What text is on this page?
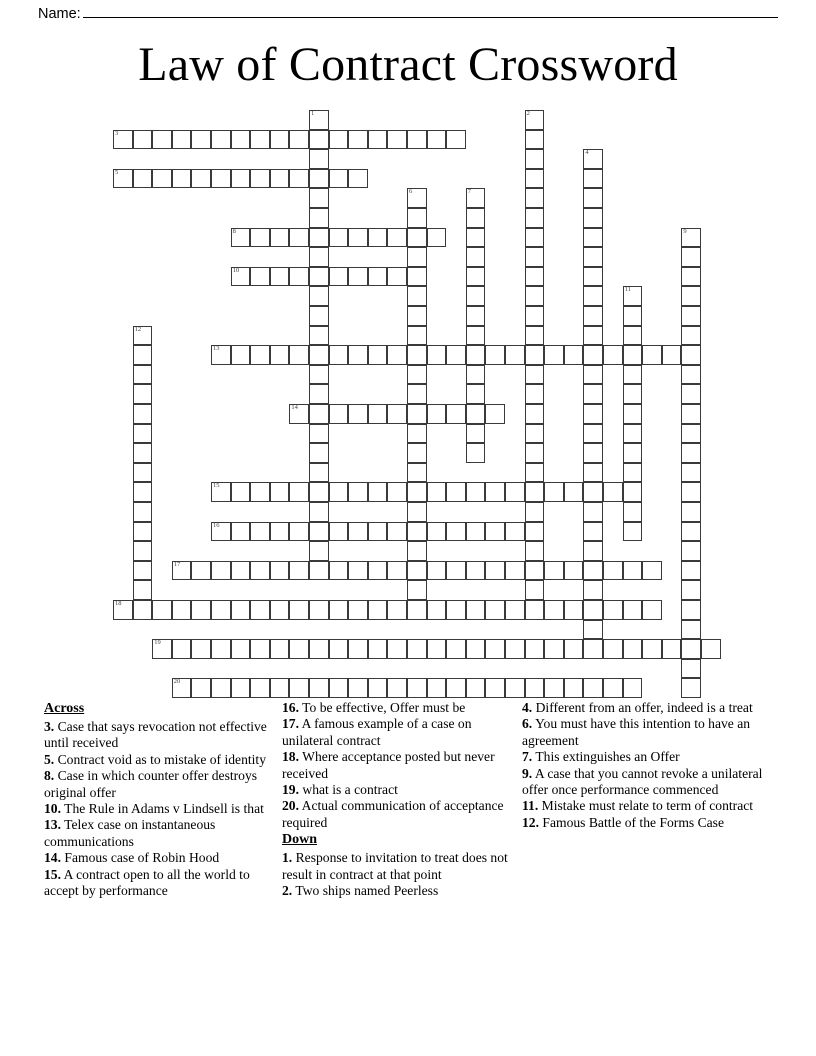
Name:
Law of Contract Crossword
1	2
3
4
5
6	7
8	9
10
11
12
13
14
15
16
17
18
19
20
Across
3. Case that says revocation not effective until received
5. Contract void as to mistake of identity
8. Case in which counter offer destroys original offer
10. The Rule in Adams v Lindsell is that
13. Telex case on instantaneous communications
14. Famous case of Robin Hood
15. A contract open to all the world to accept by performance
16. To be effective, Offer must be
17. A famous example of a case on unilateral contract
18. Where acceptance posted but never received
19. what is a contract
20. Actual communication of acceptance required
Down
1. Response to invitation to treat does not result in contract at that point
2. Two ships named Peerless
4. Different from an offer, indeed is a treat
6. You must have this intention to have an agreement
7. This extinguishes an Offer
9. A case that you cannot revoke a unilateral offer once performance commenced
11. Mistake must relate to term of contract
12. Famous Battle of the Forms Case
